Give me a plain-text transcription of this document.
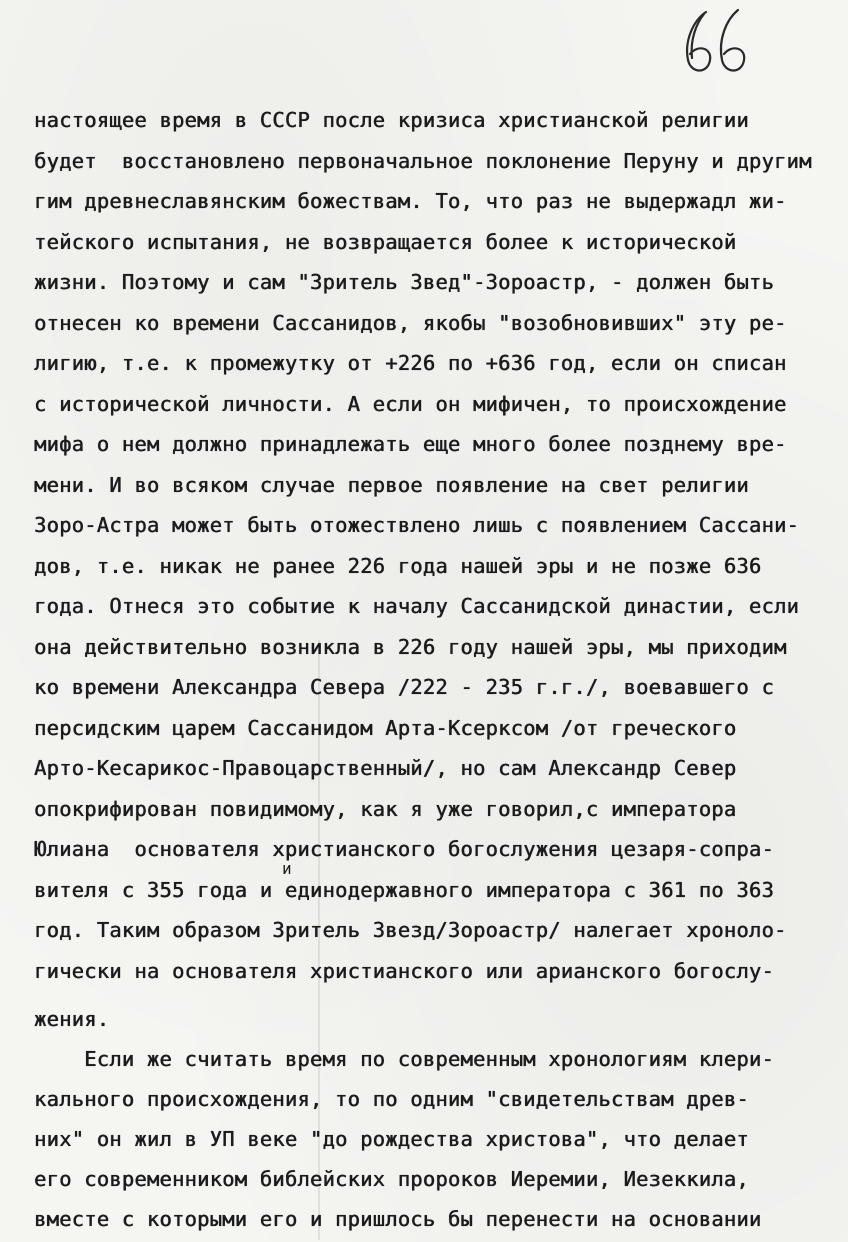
настоящее время в СССР после кризиса христианской религии
будет  восстановлено первоначальное поклонение Перуну и другим
гим древнеславянским божествам. То, что раз не выдержадл жи-
тейского испытания, не возвращается более к исторической
жизни. Поэтому и сам "Зритель Звед"-Зороастр, - должен быть
отнесен ко времени Сассанидов, якобы "возобновивших" эту ре-
лигию, т.е. к промежутку от +226 по +636 год, если он списан
с исторической личности. А если он мифичен, то происхождение
мифа о нем должно принадлежать еще много более позднему вре-
мени. И во всяком случае первое появление на свет религии
Зоро-Астра может быть отожествлено лишь с появлением Сассани-
дов, т.е. никак не ранее 226 года нашей эры и не позже 636
года. Отнеся это событие к началу Сассанидской династии, если
она действительно возникла в 226 году нашей эры, мы приходим
ко времени Александра Севера /222 - 235 г.г./, воевавшего с
персидским царем Сассанидом Арта-Ксерксом /от греческого
Арто-Кесарикос-Правоцарственный/, но сам Александр Север
опокрифирован повидимому, как я уже говорил,с императора
Юлиана  основателя христианского богослужения цезаря-сопра-
вителя с 355 года и единодержавного императора с 361 по 363
год. Таким образом Зритель Звезд/Зороастр/ налегает хроноло-
гически на основателя христианского или арианского богослу-
жения.
Если же считать время по современным хронологиям клери-
кального происхождения, то по одним "свидетельствам древ-
них" он жил в УП веке "до рождества христова", что делает
его современником библейских пророков Иеремии, Иезеккила,
вместе с которыми его и пришлось бы перенести на основании
и
